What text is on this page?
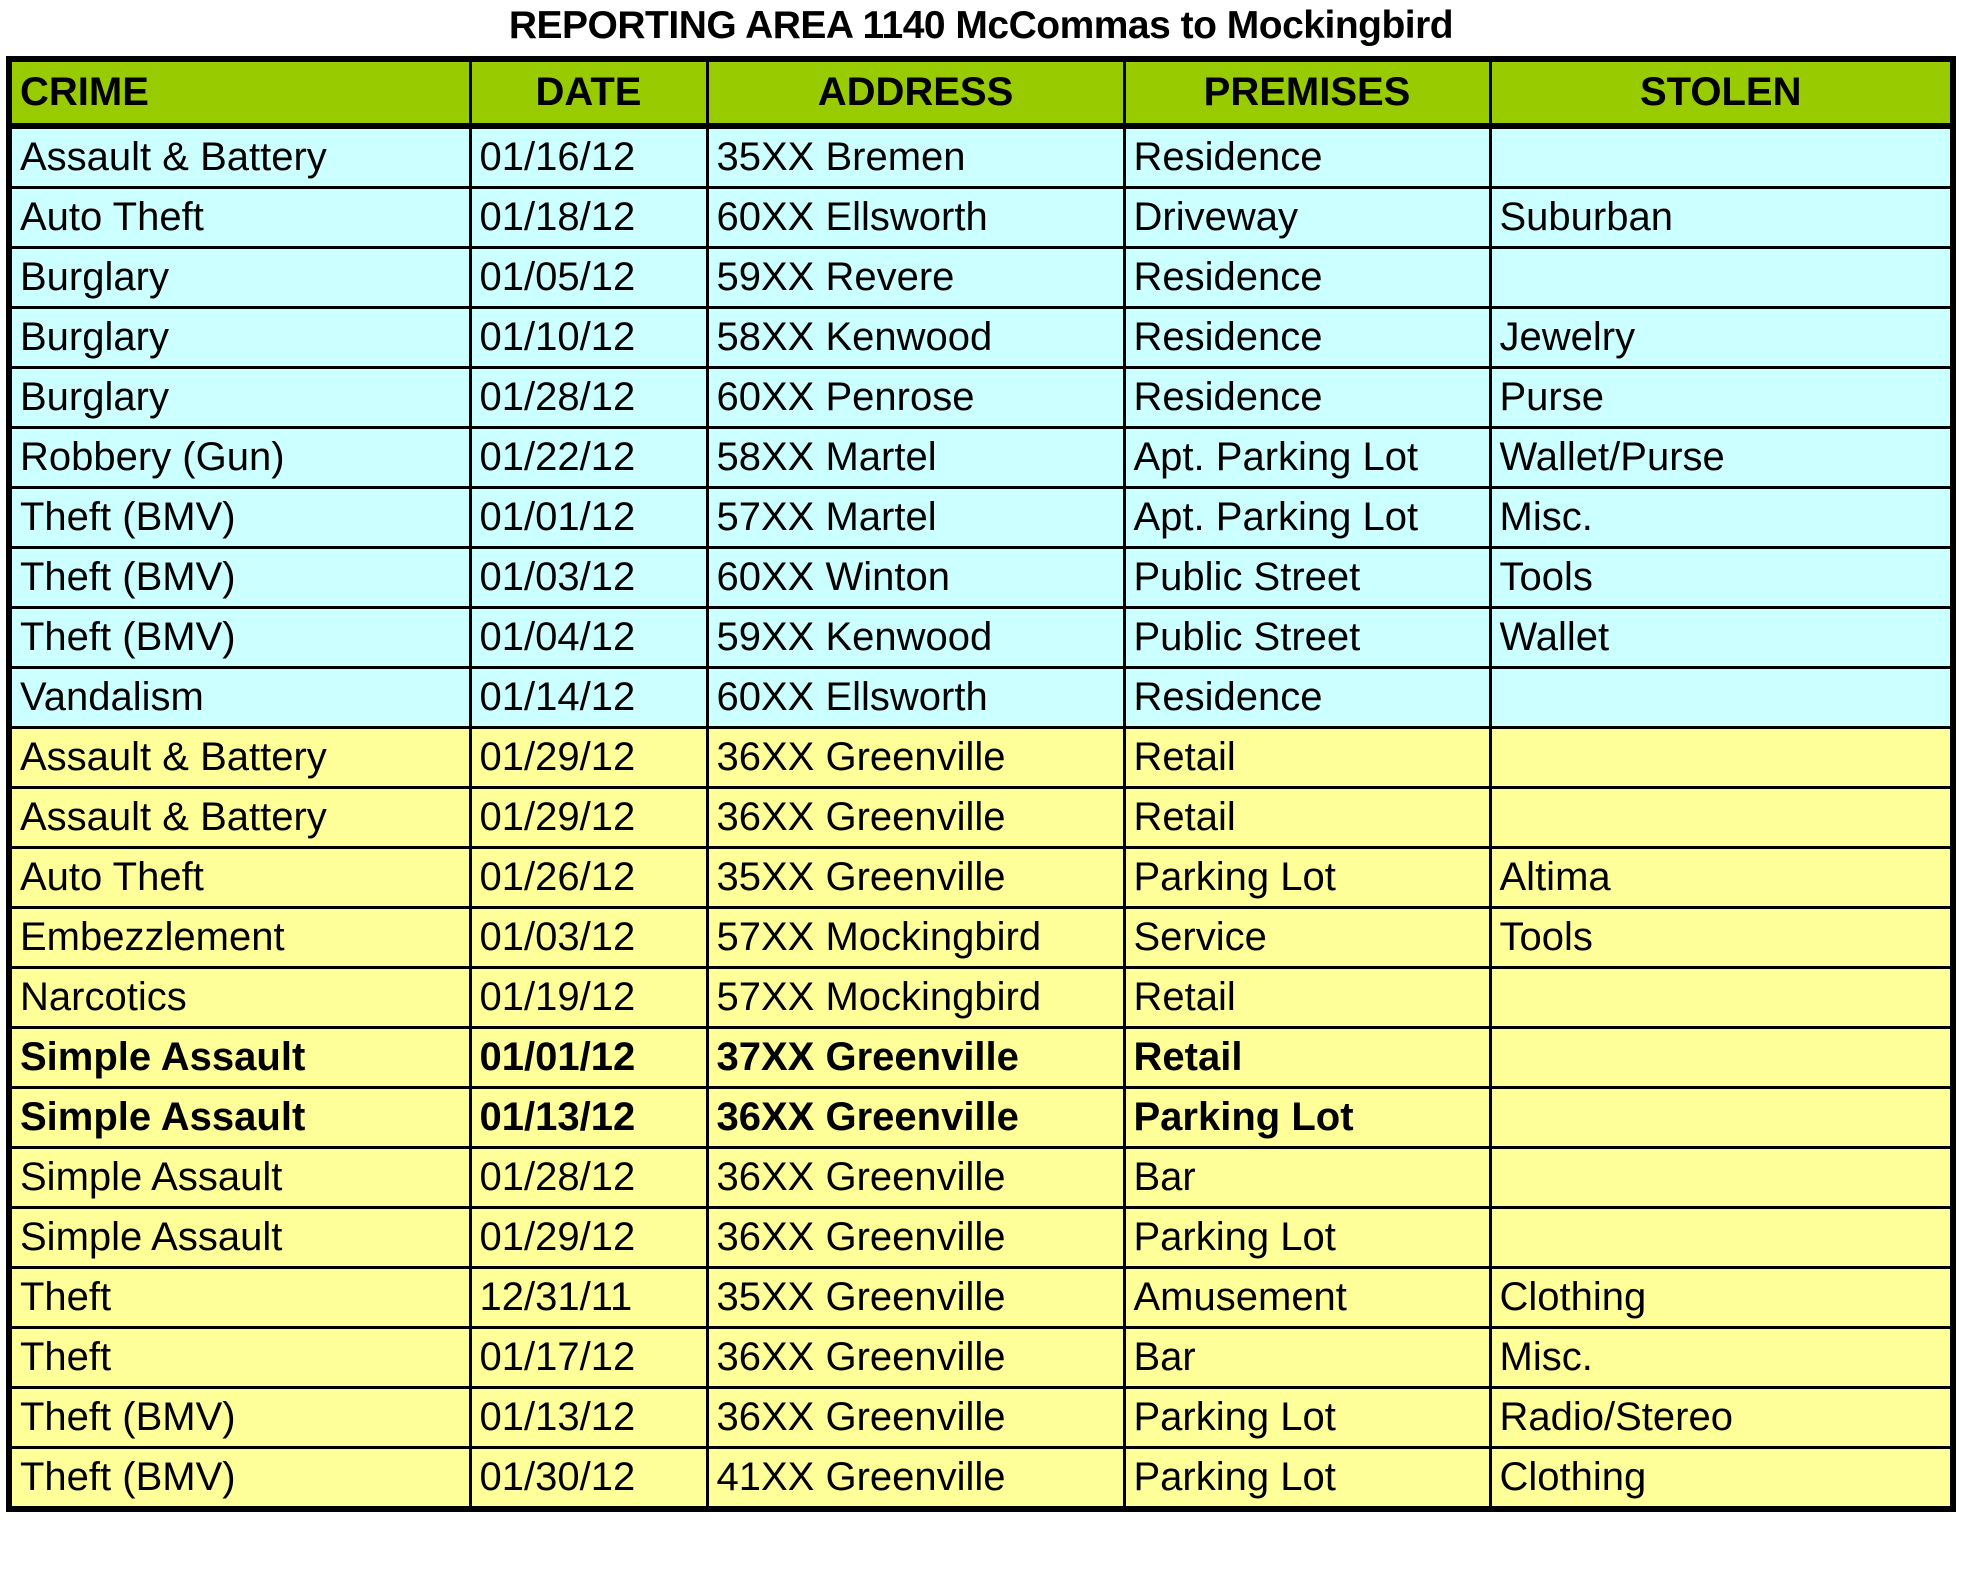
REPORTING AREA 1140 McCommas to Mockingbird
CRIME	DATE	ADDRESS	PREMISES	STOLEN
Assault & Battery	01/16/12	35XX Bremen	Residence	
Auto Theft	01/18/12	60XX Ellsworth	Driveway	Suburban
Burglary	01/05/12	59XX Revere	Residence	
Burglary	01/10/12	58XX Kenwood	Residence	Jewelry
Burglary	01/28/12	60XX Penrose	Residence	Purse
Robbery (Gun)	01/22/12	58XX Martel	Apt. Parking Lot	Wallet/Purse
Theft (BMV)	01/01/12	57XX Martel	Apt. Parking Lot	Misc.
Theft (BMV)	01/03/12	60XX Winton	Public Street	Tools
Theft (BMV)	01/04/12	59XX Kenwood	Public Street	Wallet
Vandalism	01/14/12	60XX Ellsworth	Residence	
Assault & Battery	01/29/12	36XX Greenville	Retail	
Assault & Battery	01/29/12	36XX Greenville	Retail	
Auto Theft	01/26/12	35XX Greenville	Parking Lot	Altima
Embezzlement	01/03/12	57XX Mockingbird	Service	Tools
Narcotics	01/19/12	57XX Mockingbird	Retail	
Simple Assault	01/01/12	37XX Greenville	Retail	
Simple Assault	01/13/12	36XX Greenville	Parking Lot	
Simple Assault	01/28/12	36XX Greenville	Bar	
Simple Assault	01/29/12	36XX Greenville	Parking Lot	
Theft	12/31/11	35XX Greenville	Amusement	Clothing
Theft	01/17/12	36XX Greenville	Bar	Misc.
Theft (BMV)	01/13/12	36XX Greenville	Parking Lot	Radio/Stereo
Theft (BMV)	01/30/12	41XX Greenville	Parking Lot	Clothing
